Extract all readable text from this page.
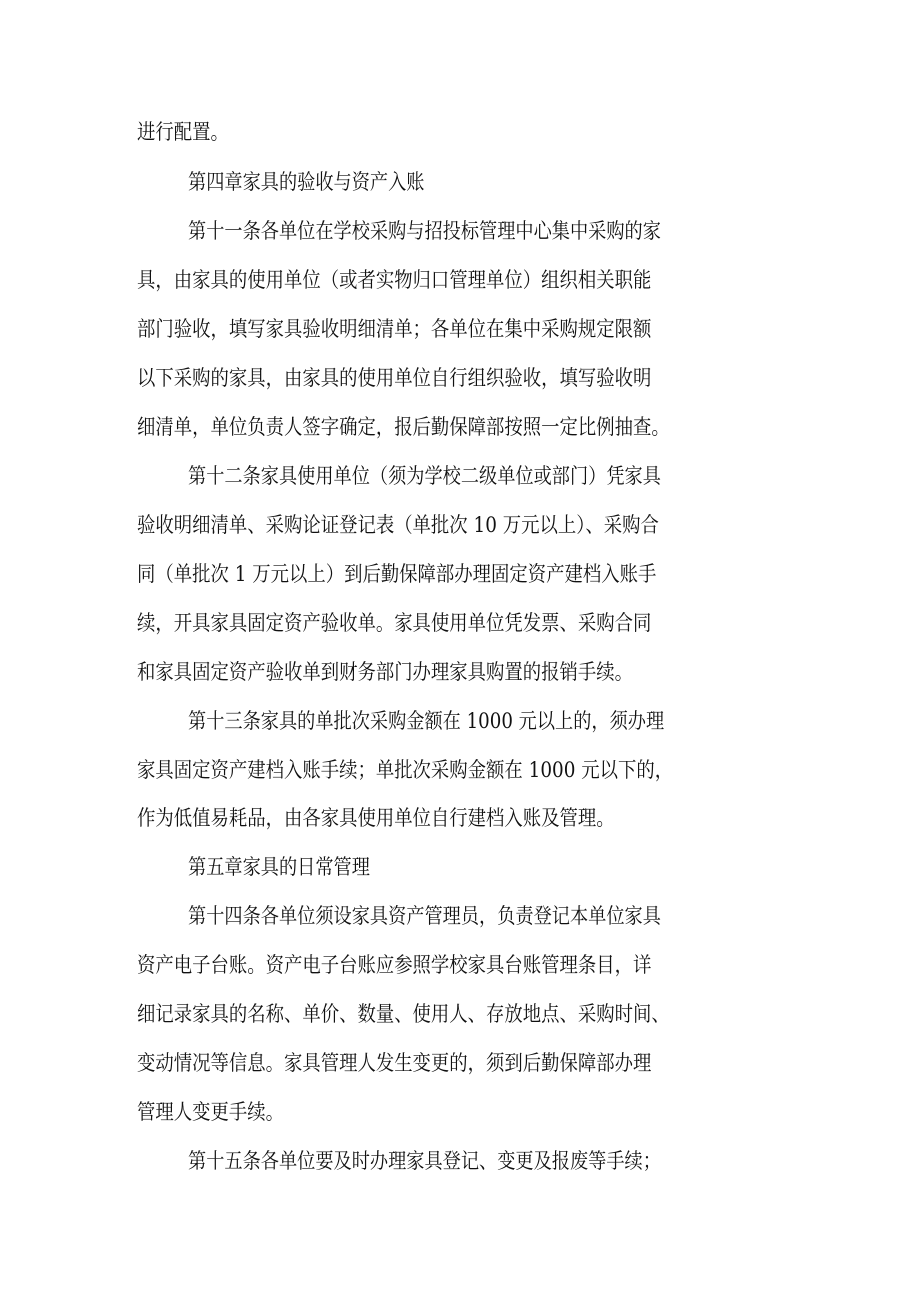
进行配置。
第四章家具的验收与资产入账
第十一条各单位在学校采购与招投标管理中心集中采购的家
具，由家具的使用单位（或者实物归口管理单位）组织相关职能
部门验收，填写家具验收明细清单；各单位在集中采购规定限额
以下采购的家具，由家具的使用单位自行组织验收，填写验收明
细清单，单位负责人签字确定，报后勤保障部按照一定比例抽查。
第十二条家具使用单位（须为学校二级单位或部门）凭家具
验收明细清单、采购论证登记表（单批次 10 万元以上）、采购合
同（单批次 1 万元以上）到后勤保障部办理固定资产建档入账手
续，开具家具固定资产验收单。家具使用单位凭发票、采购合同
和家具固定资产验收单到财务部门办理家具购置的报销手续。
第十三条家具的单批次采购金额在 1000 元以上的，须办理
家具固定资产建档入账手续；单批次采购金额在 1000 元以下的，
作为低值易耗品，由各家具使用单位自行建档入账及管理。
第五章家具的日常管理
第十四条各单位须设家具资产管理员，负责登记本单位家具
资产电子台账。资产电子台账应参照学校家具台账管理条目，详
细记录家具的名称、单价、数量、使用人、存放地点、采购时间、
变动情况等信息。家具管理人发生变更的，须到后勤保障部办理
管理人变更手续。
第十五条各单位要及时办理家具登记、变更及报废等手续；
